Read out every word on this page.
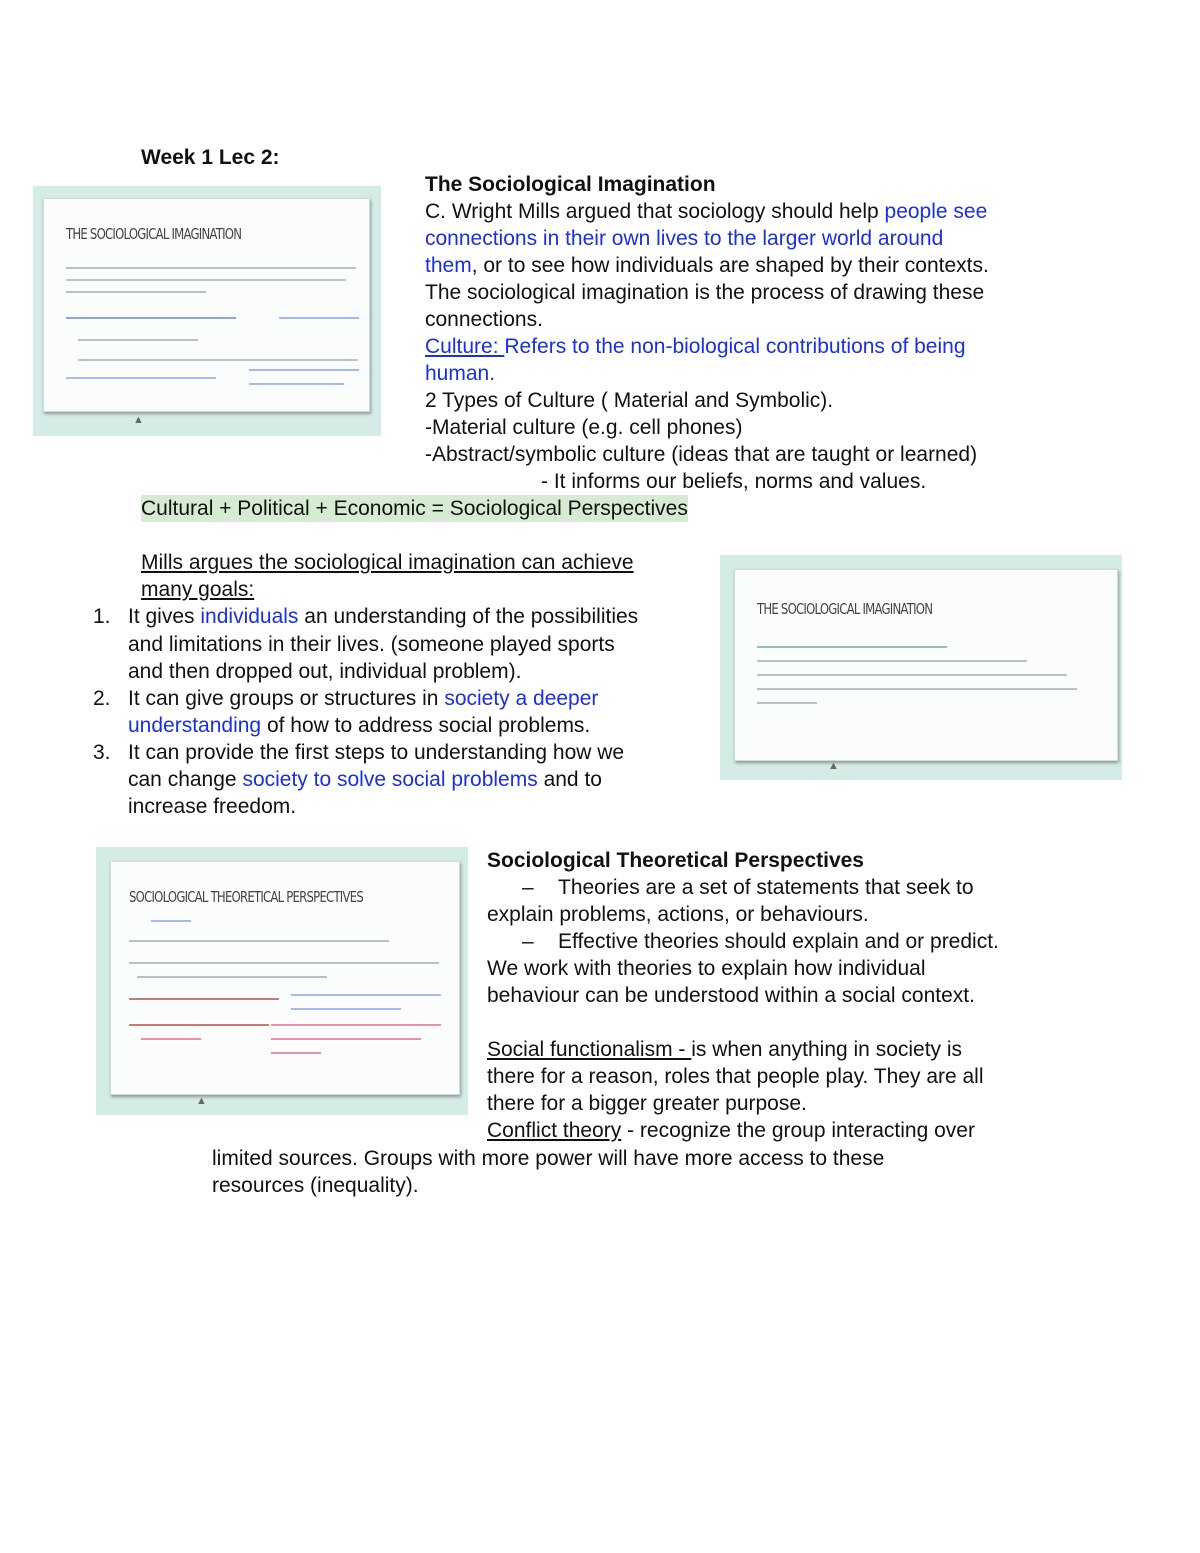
Week 1 Lec 2:
THE SOCIOLOGICAL IMAGINATION
▲
The Sociological Imagination
C. Wright Mills argued that sociology should help people see
connections in their own lives to the larger world around
them, or to see how individuals are shaped by their contexts.
The sociological imagination is the process of drawing these
connections.
Culture: Refers to the non-biological contributions of being
human.
2 Types of Culture ( Material and Symbolic).
-Material culture (e.g. cell phones)
-Abstract/symbolic culture (ideas that are taught or learned)
- It informs our beliefs, norms and values.
Cultural + Political + Economic = Sociological Perspectives
Mills argues the sociological imagination can achieve
many goals:
1. It gives individuals an understanding of the possibilities
and limitations in their lives. (someone played sports
and then dropped out, individual problem).
2. It can give groups or structures in society a deeper
understanding of how to address social problems.
3. It can provide the first steps to understanding how we
can change society to solve social problems and to
increase freedom.
THE SOCIOLOGICAL IMAGINATION
▲
SOCIOLOGICAL THEORETICAL PERSPECTIVES
▲
Sociological Theoretical Perspectives
– Theories are a set of statements that seek to
explain problems, actions, or behaviours.
– Effective theories should explain and or predict.
We work with theories to explain how individual
behaviour can be understood within a social context.
Social functionalism - is when anything in society is
there for a reason, roles that people play. They are all
there for a bigger greater purpose.
Conflict theory - recognize the group interacting over
limited sources. Groups with more power will have more access to these
resources (inequality).
